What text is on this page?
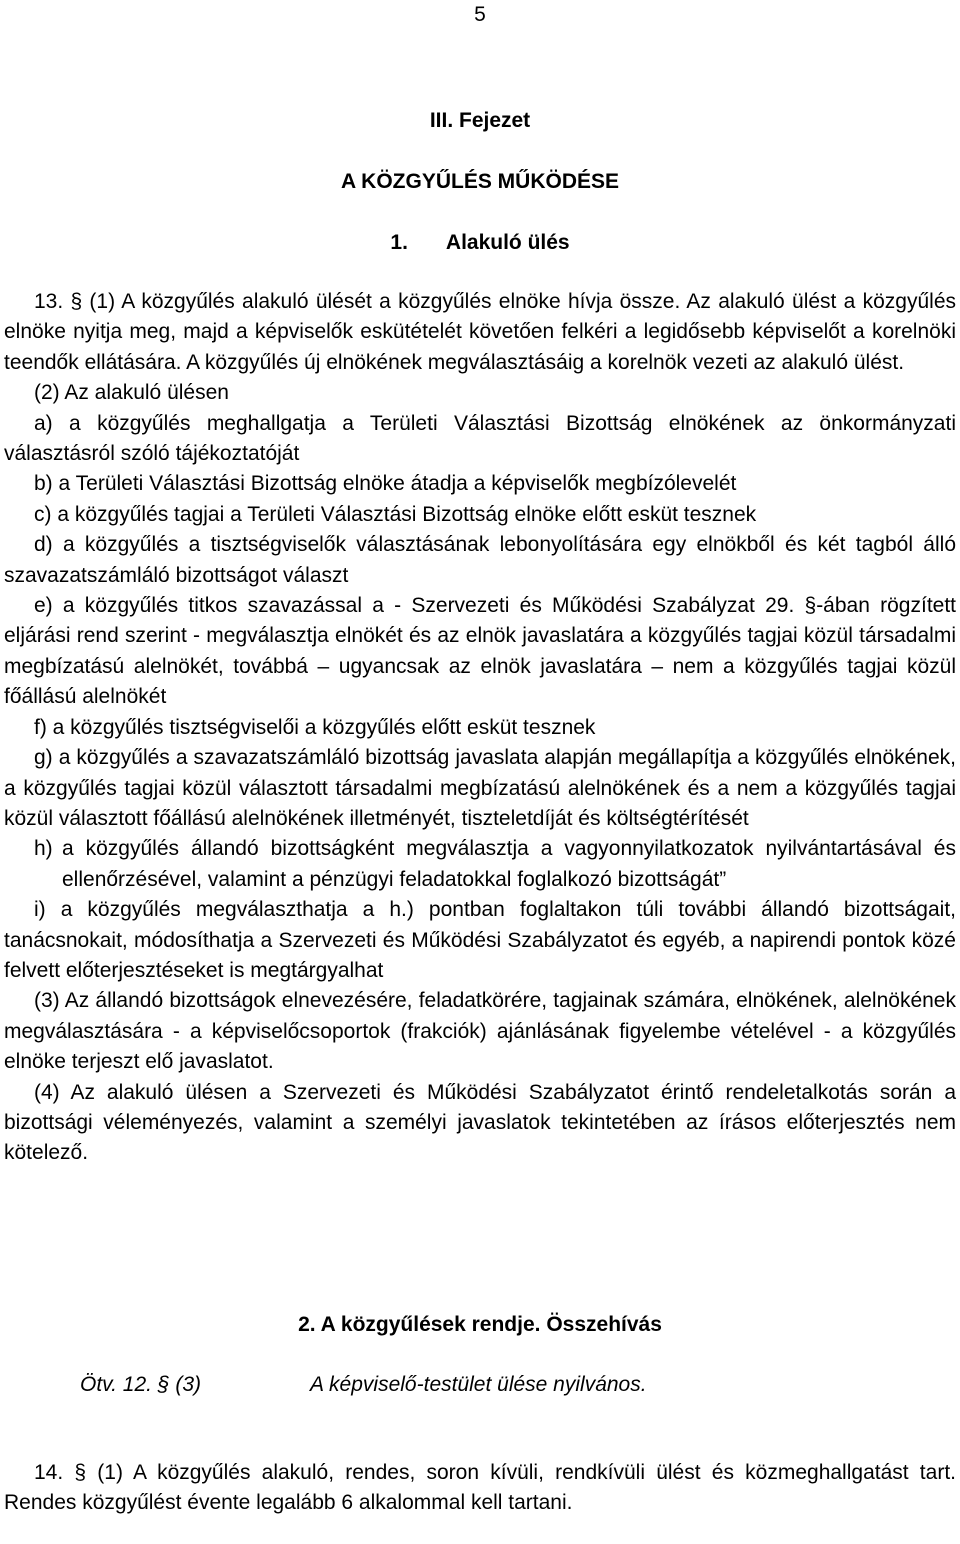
5
III. Fejezet
A KÖZGYŰLÉS MŰKÖDÉSE
1. Alakuló ülés

13. § (1) A közgyűlés alakuló ülését a közgyűlés elnöke hívja össze. Az alakuló ülést a közgyűlés elnöke nyitja meg, majd a képviselők eskütételét követően felkéri a legidősebb képviselőt a korelnöki teendők ellátására. A közgyűlés új elnökének megválasztásáig a korelnök vezeti az alakuló ülést.

(2) Az alakuló ülésen

a) a közgyűlés meghallgatja a Területi Választási Bizottság elnökének az önkormányzati választásról szóló tájékoztatóját

b) a Területi Választási Bizottság elnöke átadja a képviselők megbízólevelét

c) a közgyűlés tagjai a Területi Választási Bizottság elnöke előtt esküt tesznek

d) a közgyűlés a tisztségviselők választásának lebonyolítására egy elnökből és két tagból álló szavazatszámláló bizottságot választ

e) a közgyűlés titkos szavazással a - Szervezeti és Működési Szabályzat 29. §-ában rögzített eljárási rend szerint - megválasztja elnökét és az elnök javaslatára a közgyűlés tagjai közül társadalmi megbízatású alelnökét, továbbá – ugyancsak az elnök javaslatára – nem a közgyűlés tagjai közül főállású alelnökét

f) a közgyűlés tisztségviselői a közgyűlés előtt esküt tesznek

g) a közgyűlés a szavazatszámláló bizottság javaslata alapján megállapítja a közgyűlés elnökének, a közgyűlés tagjai közül választott társadalmi megbízatású alelnökének és a nem a közgyűlés tagjai közül választott főállású alelnökének illetményét, tiszteletdíját és költségtérítését

h) a közgyűlés állandó bizottságként megválasztja a vagyonnyilatkozatok nyilvántartásával és ellenőrzésével, valamint a pénzügyi feladatokkal foglalkozó bizottságát”

i) a közgyűlés megválaszthatja a h.) pontban foglaltakon túli további állandó bizottságait, tanácsnokait, módosíthatja a Szervezeti és Működési Szabályzatot és egyéb, a napirendi pontok közé felvett előterjesztéseket is megtárgyalhat

(3) Az állandó bizottságok elnevezésére, feladatkörére, tagjainak számára, elnökének, alelnökének megválasztására - a képviselőcsoportok (frakciók) ajánlásának figyelembe vételével - a közgyűlés elnöke terjeszt elő javaslatot.

(4) Az alakuló ülésen a Szervezeti és Működési Szabályzatot érintő rendeletalkotás során a bizottsági véleményezés, valamint a személyi javaslatok tekintetében az írásos előterjesztés nem kötelező.

2. A közgyűlések rendje. Összehívás
Ötv. 12. § (3)	A képviselő-testület ülése nyilvános.

14. § (1) A közgyűlés alakuló, rendes, soron kívüli, rendkívüli ülést és közmeghallgatást tart. Rendes közgyűlést évente legalább 6 alkalommal kell tartani.
